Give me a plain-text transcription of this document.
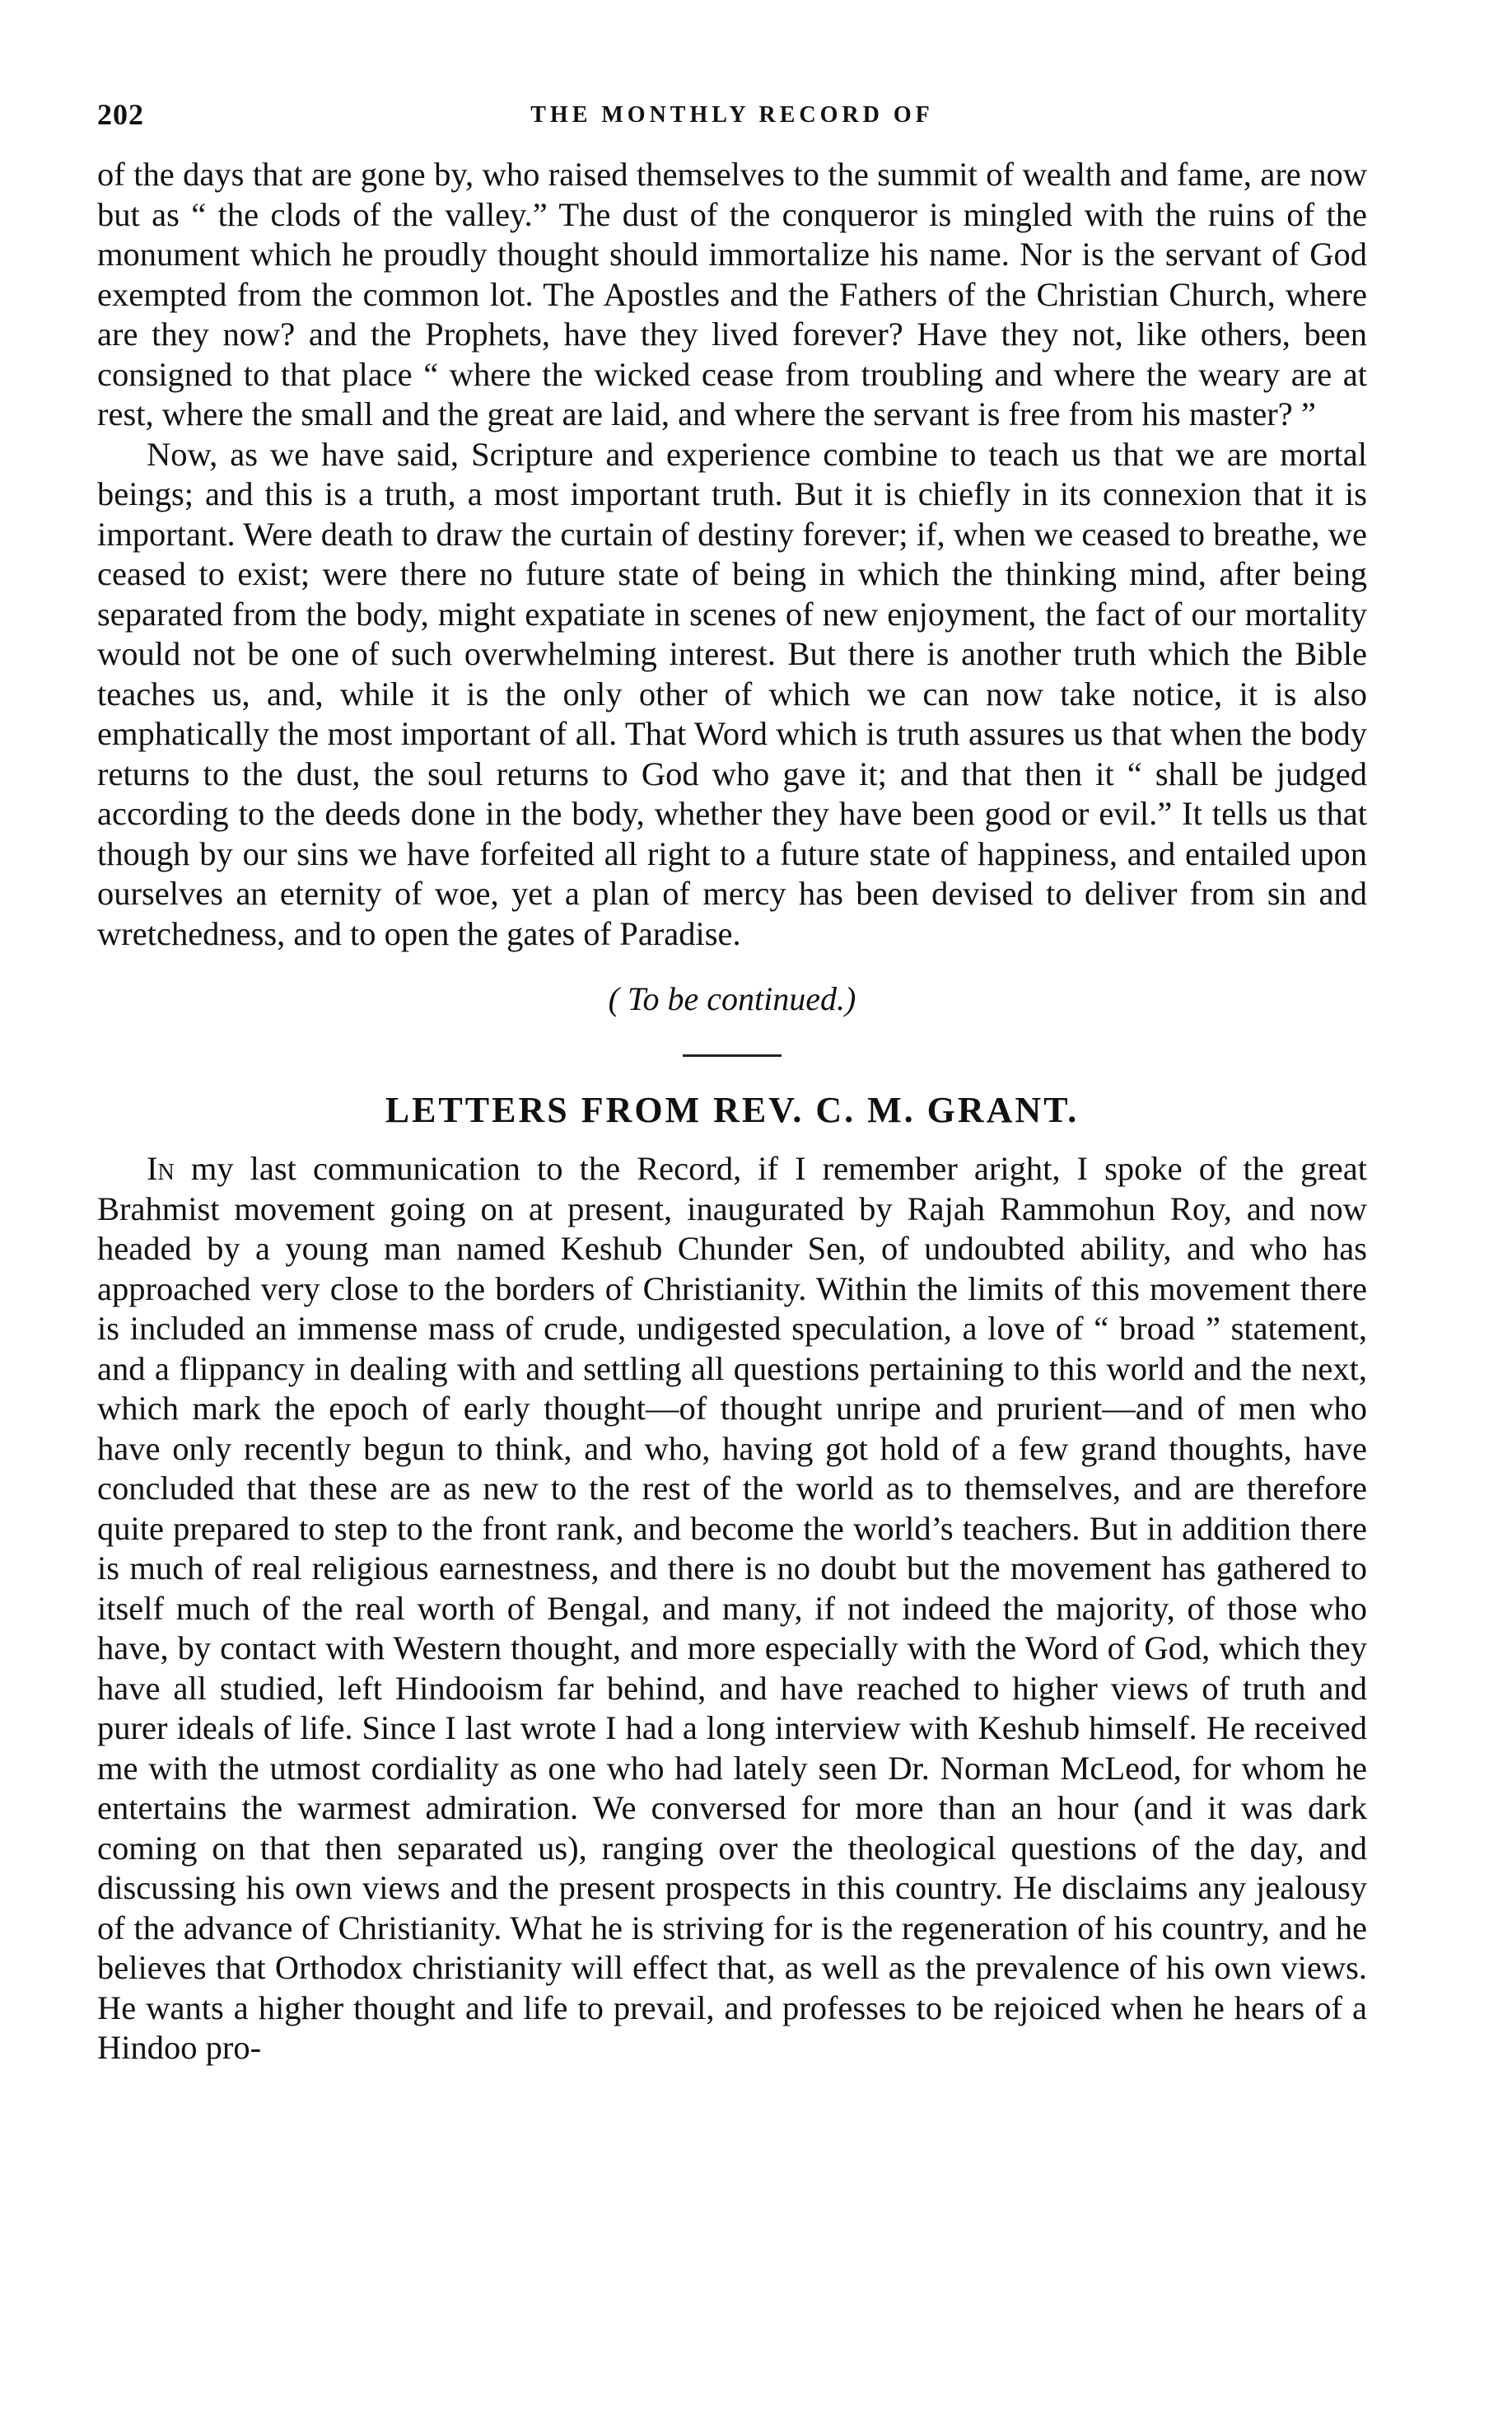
202	THE MONTHLY RECORD OF

of the days that are gone by, who raised themselves to the summit of wealth and fame, are now but as “ the clods of the valley.” The dust of the conqueror is mingled with the ruins of the monument which he proudly thought should immortalize his name. Nor is the servant of God exempted from the common lot. The Apostles and the Fathers of the Christian Church, where are they now? and the Prophets, have they lived forever? Have they not, like others, been consigned to that place “ where the wicked cease from troubling and where the weary are at rest, where the small and the great are laid, and where the servant is free from his master? ”

Now, as we have said, Scripture and experience combine to teach us that we are mortal beings; and this is a truth, a most important truth. But it is chiefly in its connexion that it is important. Were death to draw the curtain of destiny forever; if, when we ceased to breathe, we ceased to exist; were there no future state of being in which the thinking mind, after being separated from the body, might expatiate in scenes of new enjoyment, the fact of our mortality would not be one of such overwhelming interest. But there is another truth which the Bible teaches us, and, while it is the only other of which we can now take notice, it is also emphatically the most important of all. That Word which is truth assures us that when the body returns to the dust, the soul returns to God who gave it; and that then it “ shall be judged according to the deeds done in the body, whether they have been good or evil.” It tells us that though by our sins we have forfeited all right to a future state of happiness, and entailed upon ourselves an eternity of woe, yet a plan of mercy has been devised to deliver from sin and wretchedness, and to open the gates of Paradise.

( To be continued.)

LETTERS FROM REV. C. M. GRANT.

In my last communication to the Record, if I remember aright, I spoke of the great Brahmist movement going on at present, inaugurated by Rajah Rammohun Roy, and now headed by a young man named Keshub Chunder Sen, of undoubted ability, and who has approached very close to the borders of Christianity. Within the limits of this movement there is included an immense mass of crude, undigested speculation, a love of “ broad ” statement, and a flippancy in dealing with and settling all questions pertaining to this world and the next, which mark the epoch of early thought—of thought unripe and prurient—and of men who have only recently begun to think, and who, having got hold of a few grand thoughts, have concluded that these are as new to the rest of the world as to themselves, and are therefore quite prepared to step to the front rank, and become the world’s teachers. But in addition there is much of real religious earnestness, and there is no doubt but the movement has gathered to itself much of the real worth of Bengal, and many, if not indeed the majority, of those who have, by contact with Western thought, and more especially with the Word of God, which they have all studied, left Hindooism far behind, and have reached to higher views of truth and purer ideals of life. Since I last wrote I had a long interview with Keshub himself. He received me with the utmost cordiality as one who had lately seen Dr. Norman McLeod, for whom he entertains the warmest admiration. We conversed for more than an hour (and it was dark coming on that then separated us), ranging over the theological questions of the day, and discussing his own views and the present prospects in this country. He disclaims any jealousy of the advance of Christianity. What he is striving for is the regeneration of his country, and he believes that Orthodox christianity will effect that, as well as the prevalence of his own views. He wants a higher thought and life to prevail, and professes to be rejoiced when he hears of a Hindoo pro-
